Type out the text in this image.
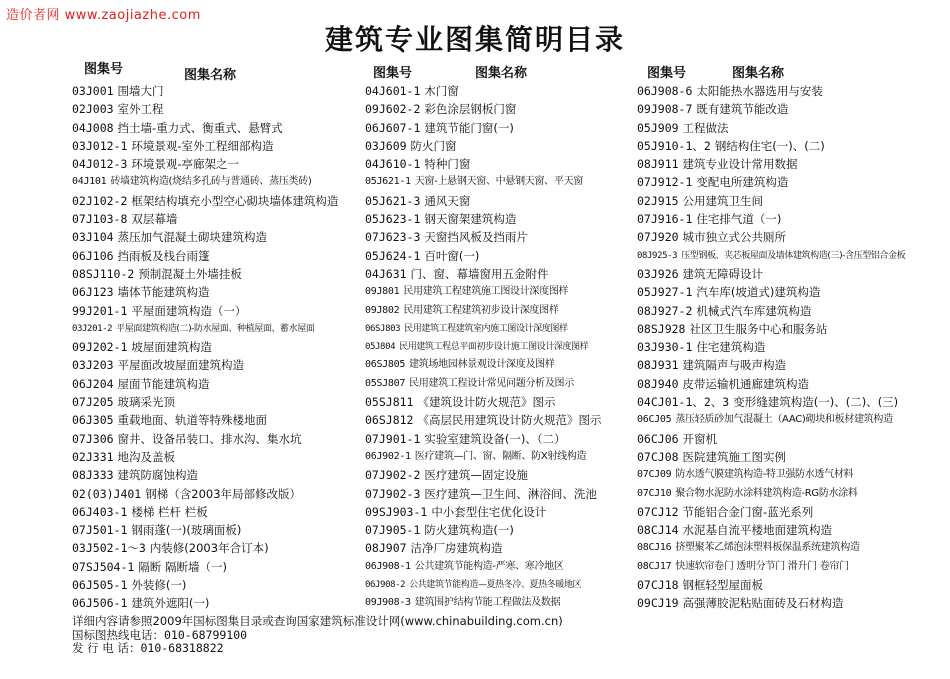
造价者网 www.zaojiazhe.com
建筑专业图集简明目录
图集号	图集名称
03J001 围墙大门
02J003 室外工程
04J008 挡土墙-重力式、衡重式、悬臂式
03J012-1 环境景观-室外工程细部构造
04J012-3 环境景观-亭廊架之一
04J101 砖墙建筑构造(烧结多孔砖与普通砖、蒸压类砖)
02J102-2 框架结构填充小型空心砌块墙体建筑构造
07J103-8 双层幕墙
03J104 蒸压加气混凝土砌块建筑构造
06J106 挡雨板及栈台雨篷
08SJ110-2 预制混凝土外墙挂板
06J123 墙体节能建筑构造
99J201-1 平屋面建筑构造（一）
03J201-2 平屋面建筑构造(二)-防水屋面、种植屋面、蓄水屋面
09J202-1 坡屋面建筑构造
03J203 平屋面改坡屋面建筑构造
06J204 屋面节能建筑构造
07J205 玻璃采光顶
06J305 重载地面、轨道等特殊楼地面
07J306 窗井、设备吊装口、排水沟、集水坑
02J331 地沟及盖板
08J333 建筑防腐蚀构造
02(03)J401 钢梯（含2003年局部修改版）
06J403-1 楼梯 栏杆 栏板
07J501-1 钢雨蓬(一)(玻璃面板)
03J502-1～3 内装修(2003年合订本)
07SJ504-1 隔断 隔断墙（一)
06J505-1 外装修(一)
06J506-1 建筑外遮阳(一)
图集号	图集名称
04J601-1 木门窗
09J602-2 彩色涂层钢板门窗
06J607-1 建筑节能门窗(一)
03J609 防火门窗
04J610-1 特种门窗
05J621-1 天窗-上悬钢天窗、中悬钢天窗、平天窗
05J621-3 通风天窗
05J623-1 钢天窗架建筑构造
07J623-3 天窗挡风板及挡雨片
05J624-1 百叶窗(一)
04J631 门、窗、幕墙窗用五金附件
09J801 民用建筑工程建筑施工图设计深度图样
09J802 民用建筑工程建筑初步设计深度图样
06SJ803 民用建筑工程建筑室内施工图设计深度图样
05J804 民用建筑工程总平面初步设计施工图设计深度图样
06SJ805 建筑场地园林景观设计深度及图样
05SJ807 民用建筑工程设计常见问题分析及图示
05SJ811 《建筑设计防火规范》图示
06SJ812 《高层民用建筑设计防火规范》图示
07J901-1 实验室建筑设备(一)、（二）
06J902-1 医疗建筑—门、窗、隔断、防X射线构造
07J902-2 医疗建筑—固定设施
07J902-3 医疗建筑—卫生间、淋浴间、洗池
09SJ903-1 中小套型住宅优化设计
07J905-1 防火建筑构造(一)
08J907 洁净厂房建筑构造
06J908-1 公共建筑节能构造-严寒、寒冷地区
06J908-2 公共建筑节能构造—夏热冬冷、夏热冬暖地区
09J908-3 建筑围护结构节能工程做法及数据
图集号	图集名称
06J908-6 太阳能热水器选用与安装
09J908-7 既有建筑节能改造
05J909 工程做法
05J910-1、2 钢结构住宅(一)、(二)
08J911 建筑专业设计常用数据
07J912-1 变配电所建筑构造
02J915 公用建筑卫生间
07J916-1 住宅排气道（一)
07J920 城市独立式公共厕所
08J925-3 压型钢板、夹芯板屋面及墙体建筑构造(三)-含压型铝合金板
03J926 建筑无障碍设计
05J927-1 汽车库(坡道式)建筑构造
08J927-2 机械式汽车库建筑构造
08SJ928 社区卫生服务中心和服务站
03J930-1 住宅建筑构造
08J931 建筑隔声与吸声构造
08J940 皮带运输机通廊建筑构造
04CJ01-1、2、3 变形缝建筑构造(一)、(二)、(三)
06CJ05 蒸压轻质砂加气混凝土（AAC)砌块和板材建筑构造
06CJ06 开窗机
07CJ08 医院建筑施工图实例
07CJ09 防水透气膜建筑构造-特卫强防水透气材料
07CJ10 聚合物水泥防水涂料建筑构造-RG防水涂料
07CJ12 节能铝合金门窗-蓝光系列
08CJ14 水泥基自流平楼地面建筑构造
08CJ16 挤塑聚苯乙烯泡沫塑料板保温系统建筑构造
08CJ17 快速软帘卷门 透明分节门 滑升门 卷帘门
07CJ18 钢框轻型屋面板
09CJ19 高强薄胶泥粘贴面砖及石材构造
详细内容请参照2009年国标图集目录或查询国家建筑标准设计网(www.chinabuilding.com.cn)
国标图热线电话：010-68799100
发 行 电 话：010-68318822
